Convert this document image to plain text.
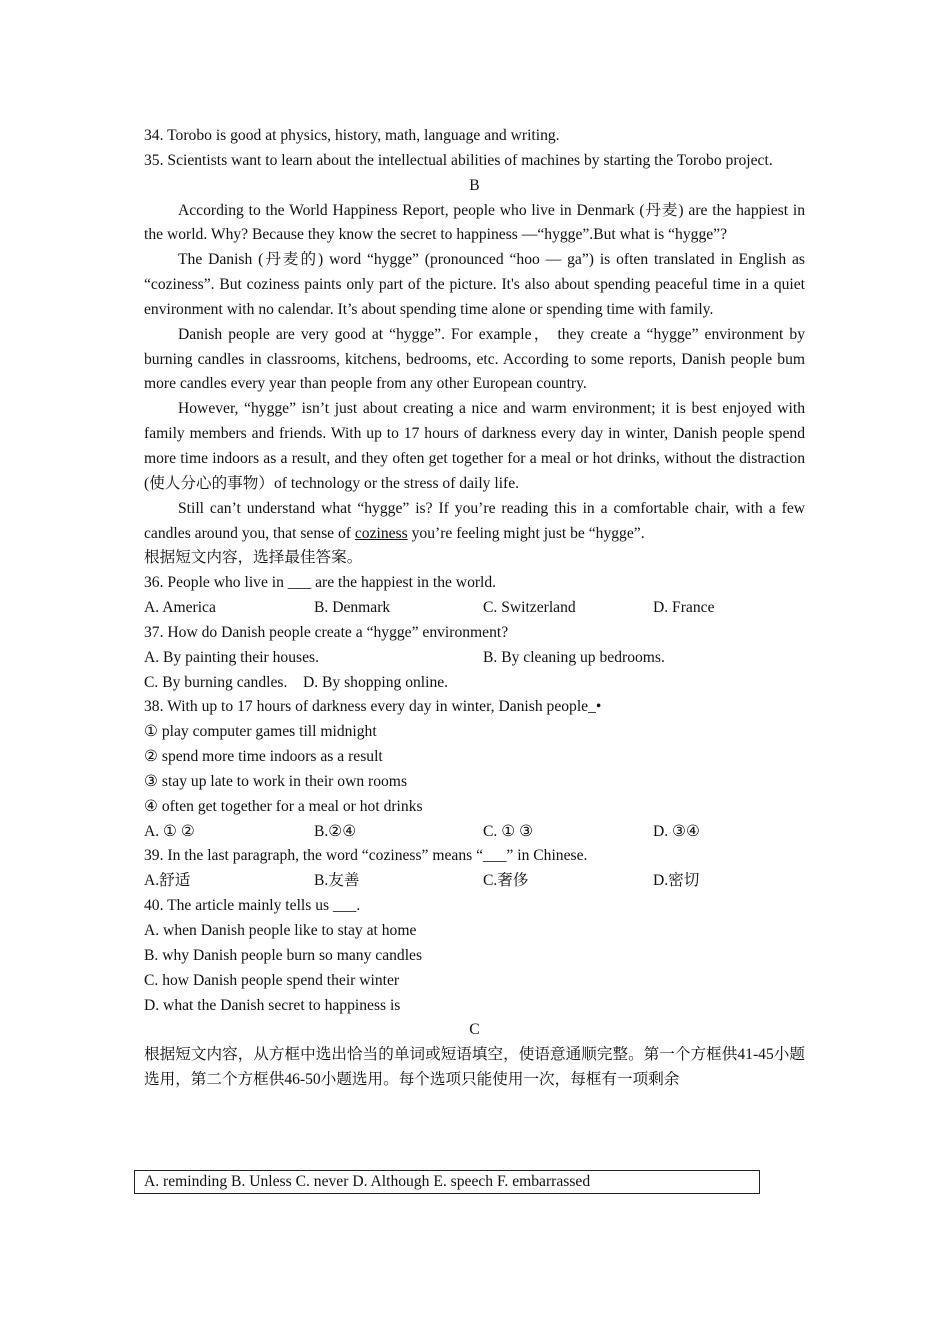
34. Torobo is good at physics, history, math, language and writing.
35. Scientists want to learn about the intellectual abilities of machines by starting the Torobo project.
B
According to the World Happiness Report, people who live in Denmark (丹麦) are the happiest in the world. Why? Because they know the secret to happiness —“hygge”.But what is “hygge”?
The Danish (丹麦的) word “hygge” (pronounced “hoo — ga”) is often translated in English as “coziness”. But coziness paints only part of the picture. It's also about spending peaceful time in a quiet environment with no calendar. It’s about spending time alone or spending time with family.
Danish people are very good at “hygge”. For example， they create a “hygge” environment by burning candles in classrooms, kitchens, bedrooms, etc. According to some reports, Danish people bum more candles every year than people from any other European country.
However, “hygge” isn’t just about creating a nice and warm environment; it is best enjoyed with family members and friends. With up to 17 hours of darkness every day in winter, Danish people spend more time indoors as a result, and they often get together for a meal or hot drinks, without the distraction (使人分心的事物）of technology or the stress of daily life.
Still can’t understand what “hygge” is? If you’re reading this in a comfortable chair, with a few candles around you, that sense of coziness you’re feeling might just be “hygge”.
根据短文内容，选择最佳答案。
36. People who live in ___ are the happiest in the world.
A. America	B. Denmark	C. Switzerland	D. France
37. How do Danish people create a “hygge” environment?
A. By painting their houses.	B. By cleaning up bedrooms.
C. By burning candles. D. By shopping online.
38. With up to 17 hours of darkness every day in winter, Danish people_•
① play computer games till midnight
② spend more time indoors as a result
③ stay up late to work in their own rooms
④ often get together for a meal or hot drinks
A. ① ②	B.②④	C. ① ③	D. ③④
39. In the last paragraph, the word “coziness” means “___” in Chinese.
A.舒适	B.友善	C.奢侈	D.密切
40. The article mainly tells us ___.
A. when Danish people like to stay at home
B. why Danish people burn so many candles
C. how Danish people spend their winter
D. what the Danish secret to happiness is
C
根据短文内容，从方框中选出恰当的单词或短语填空，使语意通顺完整。第一个方框供41-45小题选用，第二个方框供46-50小题选用。每个选项只能使用一次，每框有一项剩余
A. reminding B. Unless C. never D. Although E. speech F. embarrassed
